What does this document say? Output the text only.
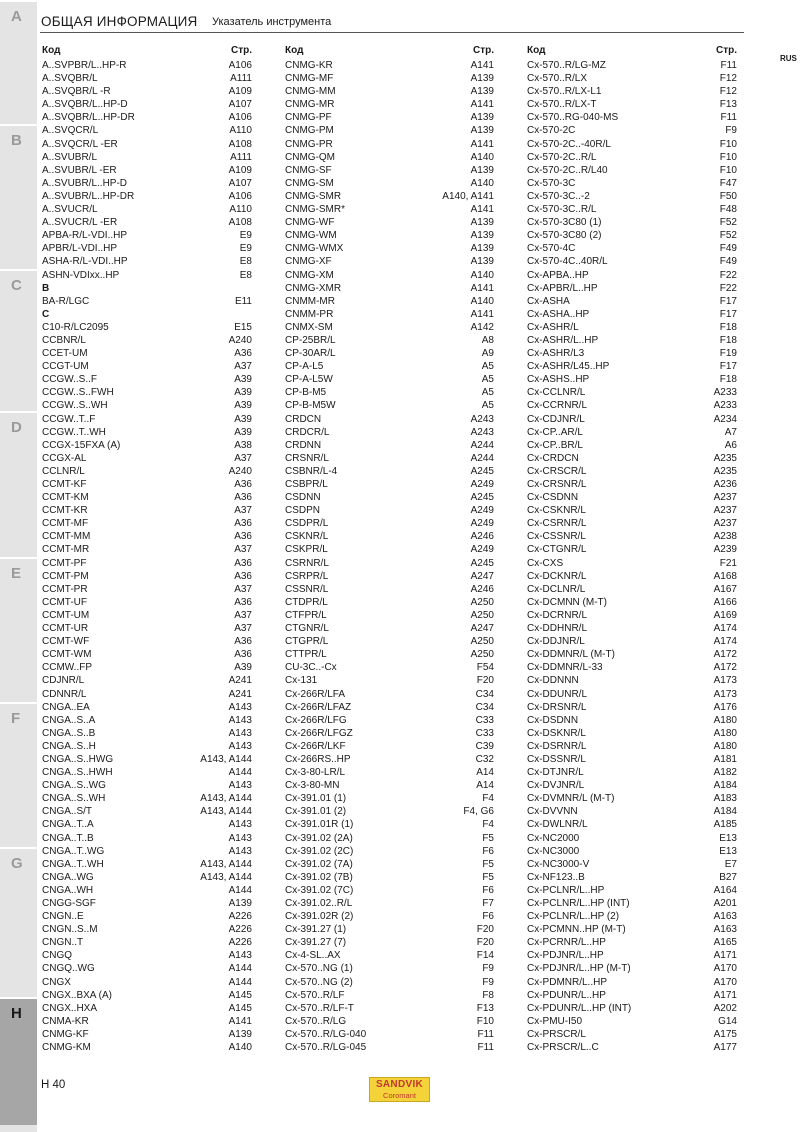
A
B
C
D
E
F
G
H
ОБЩАЯ ИНФОРМАЦИЯ Указатель инструмента
RUS
Код	Стр.
A..SVPBR/L..HP-R	A106
A..SVQBR/L	A111
A..SVQBR/L -R	A109
A..SVQBR/L..HP-D	A107
A..SVQBR/L..HP-DR	A106
A..SVQCR/L	A110
A..SVQCR/L -ER	A108
A..SVUBR/L	A111
A..SVUBR/L -ER	A109
A..SVUBR/L..HP-D	A107
A..SVUBR/L..HP-DR	A106
A..SVUCR/L	A110
A..SVUCR/L -ER	A108
APBA-R/L-VDI..HP	E9
APBR/L-VDI..HP	E9
ASHA-R/L-VDI..HP	E8
ASHN-VDIxx..HP	E8
B
BA-R/LGC	E11
C
C10-R/LC2095	E15
CCBNR/L	A240
CCET-UM	A36
CCGT-UM	A37
CCGW..S..F	A39
CCGW..S..FWH	A39
CCGW..S..WH	A39
CCGW..T..F	A39
CCGW..T..WH	A39
CCGX-15FXA (A)	A38
CCGX-AL	A37
CCLNR/L	A240
CCMT-KF	A36
CCMT-KM	A36
CCMT-KR	A37
CCMT-MF	A36
CCMT-MM	A36
CCMT-MR	A37
CCMT-PF	A36
CCMT-PM	A36
CCMT-PR	A37
CCMT-UF	A36
CCMT-UM	A37
CCMT-UR	A37
CCMT-WF	A36
CCMT-WM	A36
CCMW..FP	A39
CDJNR/L	A241
CDNNR/L	A241
CNGA..EA	A143
CNGA..S..A	A143
CNGA..S..B	A143
CNGA..S..H	A143
CNGA..S..HWG	A143, A144
CNGA..S..HWH	A144
CNGA..S..WG	A143
CNGA..S..WH	A143, A144
CNGA..S/T	A143, A144
CNGA..T..A	A143
CNGA..T..B	A143
CNGA..T..WG	A143
CNGA..T..WH	A143, A144
CNGA..WG	A143, A144
CNGA..WH	A144
CNGG-SGF	A139
CNGN..E	A226
CNGN..S..M	A226
CNGN..T	A226
CNGQ	A143
CNGQ..WG	A144
CNGX	A144
CNGX..BXA (A)	A145
CNGX..HXA	A145
CNMA-KR	A141
CNMG-KF	A139
CNMG-KM	A140
Код	Стр.
CNMG-KR	A141
CNMG-MF	A139
CNMG-MM	A139
CNMG-MR	A141
CNMG-PF	A139
CNMG-PM	A139
CNMG-PR	A141
CNMG-QM	A140
CNMG-SF	A139
CNMG-SM	A140
CNMG-SMR	A140, A141
CNMG-SMR*	A141
CNMG-WF	A139
CNMG-WM	A139
CNMG-WMX	A139
CNMG-XF	A139
CNMG-XM	A140
CNMG-XMR	A141
CNMM-MR	A140
CNMM-PR	A141
CNMX-SM	A142
CP-25BR/L	A8
CP-30AR/L	A9
CP-A-L5	A5
CP-A-L5W	A5
CP-B-M5	A5
CP-B-M5W	A5
CRDCN	A243
CRDCR/L	A243
CRDNN	A244
CRSNR/L	A244
CSBNR/L-4	A245
CSBPR/L	A249
CSDNN	A245
CSDPN	A249
CSDPR/L	A249
CSKNR/L	A246
CSKPR/L	A249
CSRNR/L	A245
CSRPR/L	A247
CSSNR/L	A246
CTDPR/L	A250
CTFPR/L	A250
CTGNR/L	A247
CTGPR/L	A250
CTTPR/L	A250
CU-3C..-Cx	F54
Cx-131	F20
Cx-266R/LFA	C34
Cx-266R/LFAZ	C34
Cx-266R/LFG	C33
Cx-266R/LFGZ	C33
Cx-266R/LKF	C39
Cx-266RS..HP	C32
Cx-3-80-LR/L	A14
Cx-3-80-MN	A14
Cx-391.01 (1)	F4
Cx-391.01 (2)	F4, G6
Cx-391.01R (1)	F4
Cx-391.02 (2A)	F5
Cx-391.02 (2C)	F6
Cx-391.02 (7A)	F5
Cx-391.02 (7B)	F5
Cx-391.02 (7C)	F6
Cx-391.02..R/L	F7
Cx-391.02R (2)	F6
Cx-391.27 (1)	F20
Cx-391.27 (7)	F20
Cx-4-SL..AX	F14
Cx-570..NG (1)	F9
Cx-570..NG (2)	F9
Cx-570..R/LF	F8
Cx-570..R/LF-T	F13
Cx-570..R/LG	F10
Cx-570..R/LG-040	F11
Cx-570..R/LG-045	F11
Код	Стр.
Cx-570..R/LG-MZ	F11
Cx-570..R/LX	F12
Cx-570..R/LX-L1	F12
Cx-570..R/LX-T	F13
Cx-570..RG-040-MS	F11
Cx-570-2C	F9
Cx-570-2C..-40R/L	F10
Cx-570-2C..R/L	F10
Cx-570-2C..R/L40	F10
Cx-570-3C	F47
Cx-570-3C..-2	F50
Cx-570-3C..R/L	F48
Cx-570-3C80 (1)	F52
Cx-570-3C80 (2)	F52
Cx-570-4C	F49
Cx-570-4C..40R/L	F49
Cx-APBA..HP	F22
Cx-APBR/L..HP	F22
Cx-ASHA	F17
Cx-ASHA..HP	F17
Cx-ASHR/L	F18
Cx-ASHR/L..HP	F18
Cx-ASHR/L3	F19
Cx-ASHR/L45..HP	F17
Cx-ASHS..HP	F18
Cx-CCLNR/L	A233
Cx-CCRNR/L	A233
Cx-CDJNR/L	A234
Cx-CP..AR/L	A7
Cx-CP..BR/L	A6
Cx-CRDCN	A235
Cx-CRSCR/L	A235
Cx-CRSNR/L	A236
Cx-CSDNN	A237
Cx-CSKNR/L	A237
Cx-CSRNR/L	A237
Cx-CSSNR/L	A238
Cx-CTGNR/L	A239
Cx-CXS	F21
Cx-DCKNR/L	A168
Cx-DCLNR/L	A167
Cx-DCMNN (M-T)	A166
Cx-DCRNR/L	A169
Cx-DDHNR/L	A174
Cx-DDJNR/L	A174
Cx-DDMNR/L (M-T)	A172
Cx-DDMNR/L-33	A172
Cx-DDNNN	A173
Cx-DDUNR/L	A173
Cx-DRSNR/L	A176
Cx-DSDNN	A180
Cx-DSKNR/L	A180
Cx-DSRNR/L	A180
Cx-DSSNR/L	A181
Cx-DTJNR/L	A182
Cx-DVJNR/L	A184
Cx-DVMNR/L (M-T)	A183
Cx-DVVNN	A184
Cx-DWLNR/L	A185
Cx-NC2000	E13
Cx-NC3000	E13
Cx-NC3000-V	E7
Cx-NF123..B	B27
Cx-PCLNR/L..HP	A164
Cx-PCLNR/L..HP (INT)	A201
Cx-PCLNR/L..HP (2)	A163
Cx-PCMNN..HP (M-T)	A163
Cx-PCRNR/L..HP	A165
Cx-PDJNR/L..HP	A171
Cx-PDJNR/L..HP (M-T)	A170
Cx-PDMNR/L..HP	A170
Cx-PDUNR/L..HP	A171
Cx-PDUNR/L..HP (INT)	A202
Cx-PMU-I50	G14
Cx-PRSCR/L	A175
Cx-PRSCR/L..C	A177
H 40	SANDVIK
Coromant
